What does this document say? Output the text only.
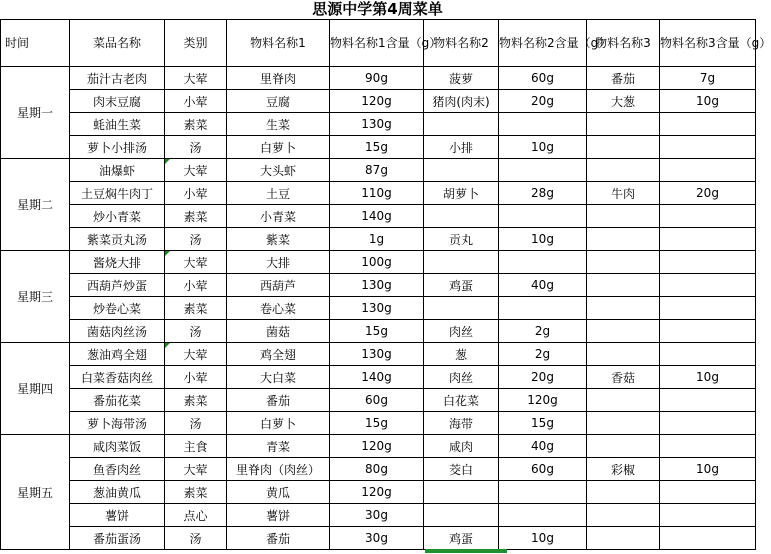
思源中学第4周菜单
时间	菜品名称	类别	物料名称1	物料名称1含量（g）	物料名称2	物料名称2含量（g）	物料名称3	物料名称3含量（g）
星期一	茄汁古老肉	大荤	里脊肉	90g	菠萝	60g	番茄	7g
	肉末豆腐	小荤	豆腐	120g	猪肉(肉末)	20g	大葱	10g
	蚝油生菜	素菜	生菜	130g				
	萝卜小排汤	汤	白萝卜	15g	小排	10g		
星期二	油爆虾	大荤	大头虾	87g				
	土豆焖牛肉丁	小荤	土豆	110g	胡萝卜	28g	牛肉	20g
	炒小青菜	素菜	小青菜	140g				
	紫菜贡丸汤	汤	紫菜	1g	贡丸	10g		
星期三	酱烧大排	大荤	大排	100g				
	西葫芦炒蛋	小荤	西葫芦	130g	鸡蛋	40g		
	炒卷心菜	素菜	卷心菜	130g				
	菌菇肉丝汤	汤	菌菇	15g	肉丝	2g		
星期四	葱油鸡全翅	大荤	鸡全翅	130g	葱	2g		
	白菜香菇肉丝	小荤	大白菜	140g	肉丝	20g	香菇	10g
	番茄花菜	素菜	番茄	60g	白花菜	120g		
	萝卜海带汤	汤	白萝卜	15g	海带	15g		
星期五	咸肉菜饭	主食	青菜	120g	咸肉	40g		
	鱼香肉丝	大荤	里脊肉（肉丝）	80g	茭白	60g	彩椒	10g
	葱油黄瓜	素菜	黄瓜	120g				
	薯饼	点心	薯饼	30g				
	番茄蛋汤	汤	番茄	30g	鸡蛋	10g		
